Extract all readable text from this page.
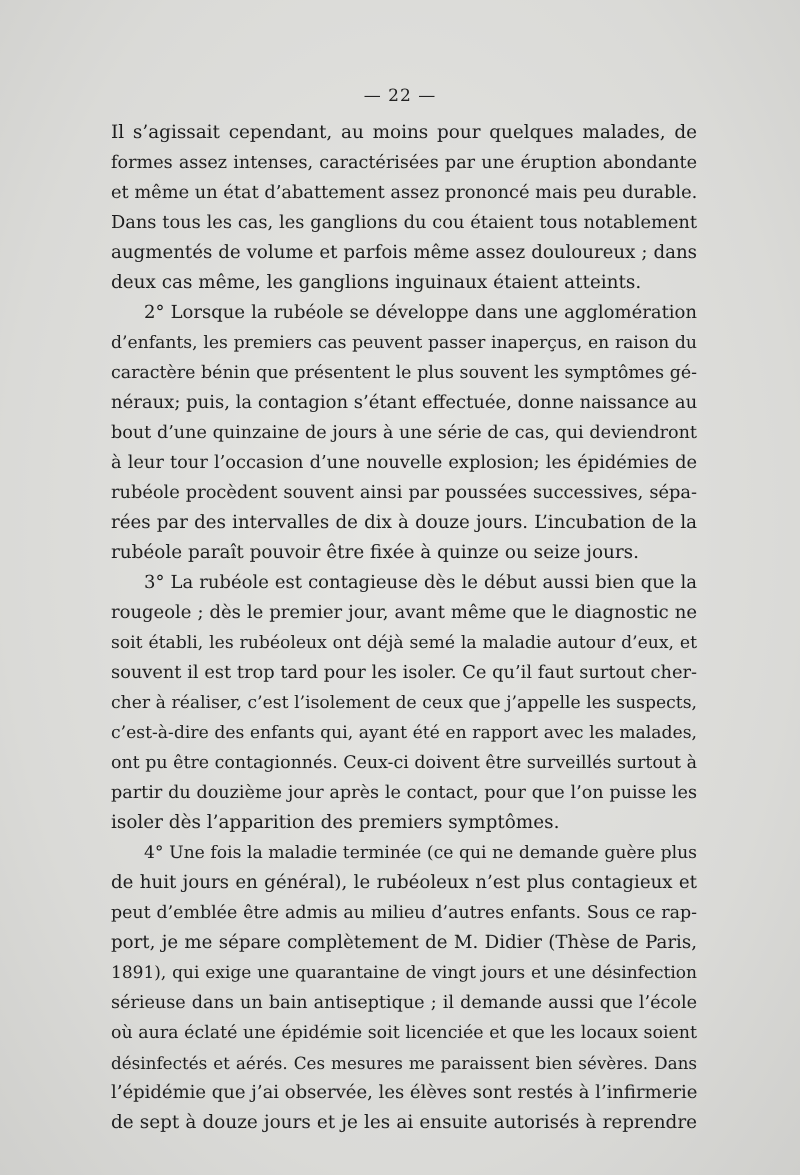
— 22 —
Il s’agissait cependant, au moins pour quelques malades, de
formes assez intenses, caractérisées par une éruption abondante
et même un état d’abattement assez prononcé mais peu durable.
Dans tous les cas, les ganglions du cou étaient tous notablement
augmentés de volume et parfois même assez douloureux ; dans
deux cas même, les ganglions inguinaux étaient atteints.
2° Lorsque la rubéole se développe dans une agglomération
d’enfants, les premiers cas peuvent passer inaperçus, en raison du
caractère bénin que présentent le plus souvent les symptômes gé-
néraux; puis, la contagion s’étant effectuée, donne naissance au
bout d’une quinzaine de jours à une série de cas, qui deviendront
à leur tour l’occasion d’une nouvelle explosion; les épidémies de
rubéole procèdent souvent ainsi par poussées successives, sépa-
rées par des intervalles de dix à douze jours. L’incubation de la
rubéole paraît pouvoir être fixée à quinze ou seize jours.
3° La rubéole est contagieuse dès le début aussi bien que la
rougeole ; dès le premier jour, avant même que le diagnostic ne
soit établi, les rubéoleux ont déjà semé la maladie autour d’eux, et
souvent il est trop tard pour les isoler. Ce qu’il faut surtout cher-
cher à réaliser, c’est l’isolement de ceux que j’appelle les suspects,
c’est-à-dire des enfants qui, ayant été en rapport avec les malades,
ont pu être contagionnés. Ceux-ci doivent être surveillés surtout à
partir du douzième jour après le contact, pour que l’on puisse les
isoler dès l’apparition des premiers symptômes.
4° Une fois la maladie terminée (ce qui ne demande guère plus
de huit jours en général), le rubéoleux n’est plus contagieux et
peut d’emblée être admis au milieu d’autres enfants. Sous ce rap-
port, je me sépare complètement de M. Didier (Thèse de Paris,
1891), qui exige une quarantaine de vingt jours et une désinfection
sérieuse dans un bain antiseptique ; il demande aussi que l’école
où aura éclaté une épidémie soit licenciée et que les locaux soient
désinfectés et aérés. Ces mesures me paraissent bien sévères. Dans
l’épidémie que j’ai observée, les élèves sont restés à l’infirmerie
de sept à douze jours et je les ai ensuite autorisés à reprendre
